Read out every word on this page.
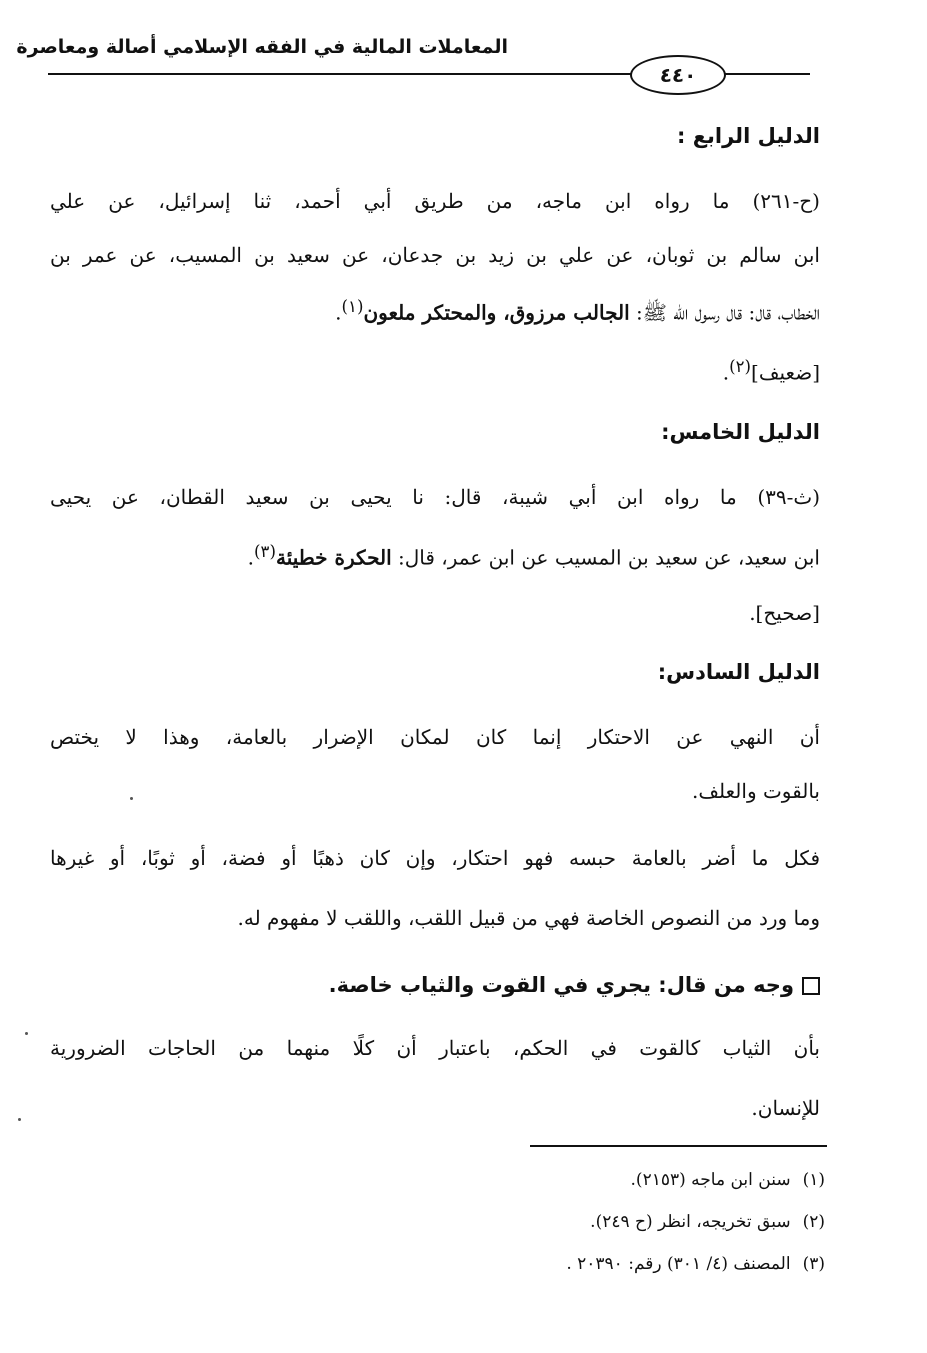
المعاملات المالية في الفقه الإسلامي أصالة ومعاصرة
٤٤٠
الدليل الرابع :
(ح-٢٦١) ما رواه ابن ماجه، من طريق أبي أحمد، ثنا إسرائيل، عن علي
ابن سالم بن ثوبان، عن علي بن زيد بن جدعان، عن سعيد بن المسيب، عن عمر بن
الخطاب، قال: قال رسول الله ﷺ: الجالب مرزوق، والمحتكر ملعون$^{(١)}$.
[ضعيف]$^{(٢)}$.
الدليل الخامس:
(ث-٣٩) ما رواه ابن أبي شيبة، قال: نا يحيى بن سعيد القطان، عن يحيى
ابن سعيد، عن سعيد بن المسيب عن ابن عمر، قال: الحكرة خطيئة$^{(٣)}$.
[صحيح].
الدليل السادس:
أن النهي عن الاحتكار إنما كان لمكان الإضرار بالعامة، وهذا لا يختص
بالقوت والعلف.
فكل ما أضر بالعامة حبسه فهو احتكار، وإن كان ذهبًا أو فضة، أو ثوبًا، أو غيرها
وما ورد من النصوص الخاصة فهي من قبيل اللقب، واللقب لا مفهوم له.
وجه من قال: يجري في القوت والثياب خاصة.
بأن الثياب كالقوت في الحكم، باعتبار أن كلًا منهما من الحاجات الضرورية
للإنسان.
(١)سنن ابن ماجه (٢١٥٣).
(٢)سبق تخريجه، انظر (ح ٢٤٩).
(٣)المصنف (٤/ ٣٠١) رقم: ٢٠٣٩٠ .
